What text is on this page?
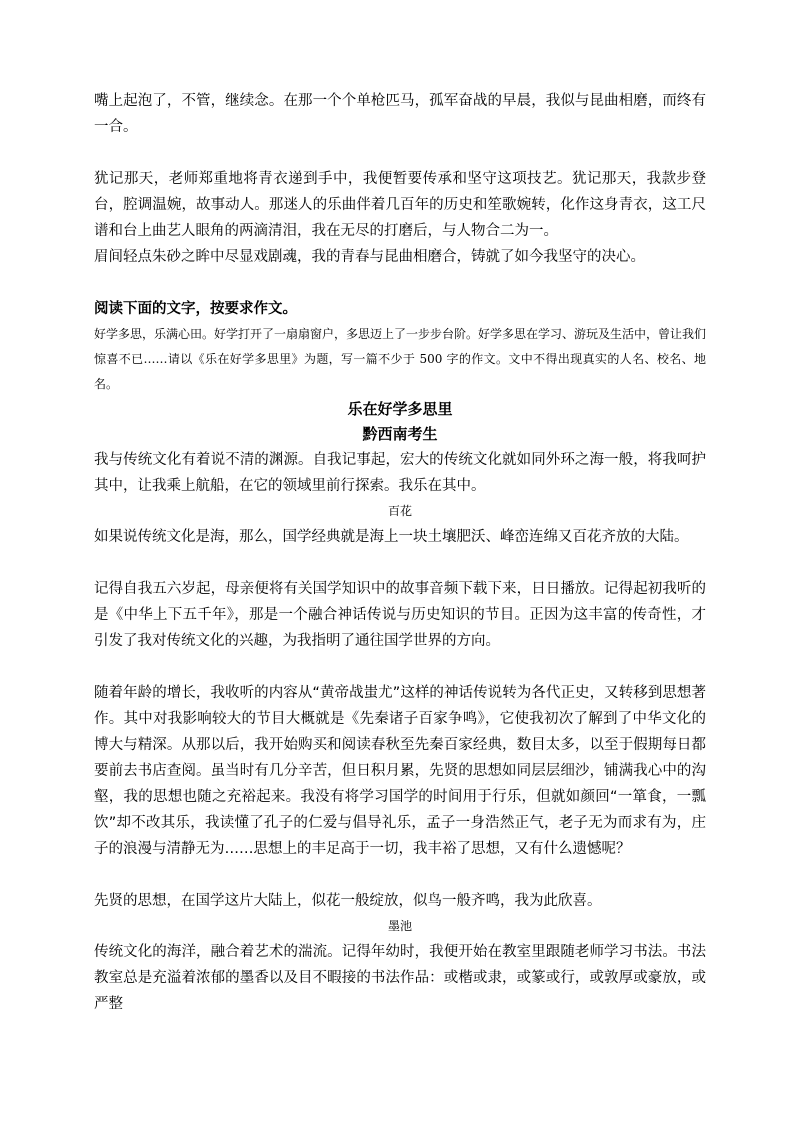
嘴上起泡了，不管，继续念。在那一个个单枪匹马，孤军奋战的早晨，我似与昆曲相磨，而终有一合。

犹记那天，老师郑重地将青衣递到手中，我便暂要传承和坚守这项技艺。犹记那天，我款步登台，腔调温婉，故事动人。那迷人的乐曲伴着几百年的历史和笙歌婉转，化作这身青衣，这工尺谱和台上曲艺人眼角的两滴清泪，我在无尽的打磨后，与人物合二为一。

眉间轻点朱砂之眸中尽显戏剧魂，我的青春与昆曲相磨合，铸就了如今我坚守的决心。

阅读下面的文字，按要求作文。

好学多思，乐满心田。好学打开了一扇扇窗户，多思迈上了一步步台阶。好学多思在学习、游玩及生活中，曾让我们惊喜不已……请以《乐在好学多思里》为题，写一篇不少于 500 字的作文。文中不得出现真实的人名、校名、地名。

乐在好学多思里

黔西南考生

我与传统文化有着说不清的渊源。自我记事起，宏大的传统文化就如同外环之海一般，将我呵护其中，让我乘上航船，在它的领域里前行探索。我乐在其中。

百花

如果说传统文化是海，那么，国学经典就是海上一块土壤肥沃、峰峦连绵又百花齐放的大陆。

记得自我五六岁起，母亲便将有关国学知识中的故事音频下载下来，日日播放。记得起初我听的是《中华上下五千年》，那是一个融合神话传说与历史知识的节目。正因为这丰富的传奇性，才引发了我对传统文化的兴趣，为我指明了通往国学世界的方向。

随着年龄的增长，我收听的内容从“黄帝战蚩尤”这样的神话传说转为各代正史，又转移到思想著作。其中对我影响较大的节目大概就是《先秦诸子百家争鸣》，它使我初次了解到了中华文化的博大与精深。从那以后，我开始购买和阅读春秋至先秦百家经典，数目太多，以至于假期每日都要前去书店查阅。虽当时有几分辛苦，但日积月累，先贤的思想如同层层细沙，铺满我心中的沟壑，我的思想也随之充裕起来。我没有将学习国学的时间用于行乐，但就如颜回“一箪食，一瓢饮”却不改其乐，我读懂了孔子的仁爱与倡导礼乐，孟子一身浩然正气，老子无为而求有为，庄子的浪漫与清静无为……思想上的丰足高于一切，我丰裕了思想，又有什么遗憾呢？

先贤的思想，在国学这片大陆上，似花一般绽放，似鸟一般齐鸣，我为此欣喜。

墨池

传统文化的海洋，融合着艺术的湍流。记得年幼时，我便开始在教室里跟随老师学习书法。书法教室总是充溢着浓郁的墨香以及目不暇接的书法作品：或楷或隶，或篆或行，或敦厚或豪放，或严整
